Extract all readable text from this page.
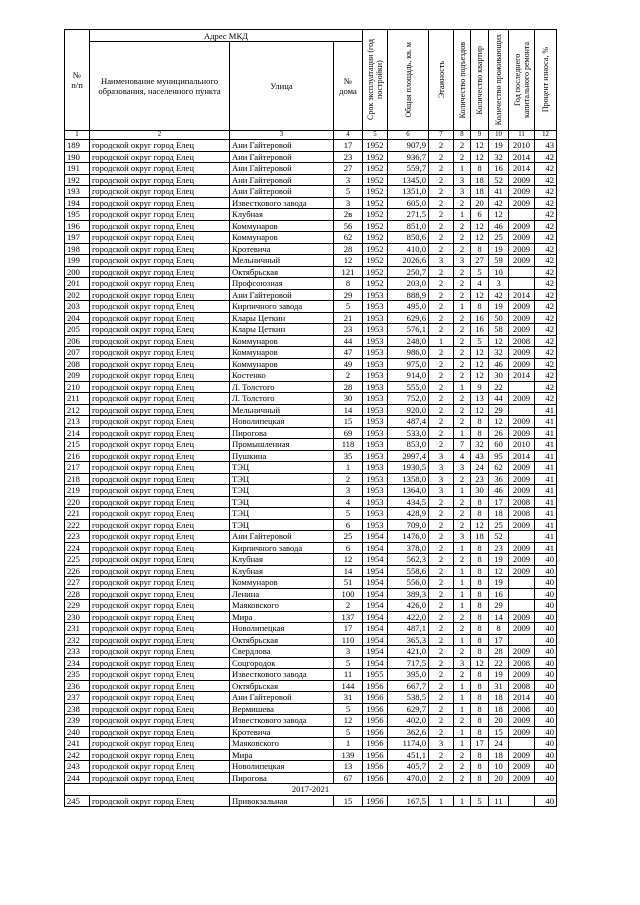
№
п/п	Адрес МКД			Срок эксплуатации (год постройки)	Общая площадь, кв. м	Этажность	Количество подъездов	Количество квартир	Количество проживающих	Год последнего капитального ремонта	Процент износа, %

	Наименование муниципального образования, населенного пункта	Улица	№
дома								
1	2	3	4	5	6	7	8	9	10	11	12
189	городской округ город Елец	Ани Гайтеровой	17	1952	907,9	2	2	12	19	2010	43
190	городской округ город Елец	Ани Гайтеровой	23	1952	936,7	2	2	12	32	2014	42
191	городской округ город Елец	Ани Гайтеровой	27	1952	559,7	2	1	8	16	2014	42
192	городской округ город Елец	Ани Гайтеровой	3	1952	1345,0	2	3	18	52	2009	42
193	городской округ город Елец	Ани Гайтеровой	5	1952	1351,0	2	3	18	41	2009	42
194	городской округ город Елец	Известкового завода	3	1952	605,0	2	2	20	42	2009	42
195	городской округ город Елец	Клубная	2в	1952	271,5	2	1	6	12		42
196	городской округ город Елец	Коммунаров	56	1952	851,0	2	2	12	46	2009	42
197	городской округ город Елец	Коммунаров	62	1952	850,6	2	2	12	25	2009	42
198	городской округ город Елец	Кротевича	28	1952	410,0	2	2	8	19	2009	42
199	городской округ город Елец	Мельничный	12	1952	2026,6	3	3	27	59	2009	42
200	городской округ город Елец	Октябрьская	121	1952	250,7	2	2	5	10		42
201	городской округ город Елец	Профсоюзная	8	1952	203,0	2	2	4	3		42
202	городской округ город Елец	Ани Гайтеровой	29	1953	888,9	2	2	12	42	2014	42
203	городской округ город Елец	Кирпичного завода	5	1953	495,0	2	1	8	19	2009	42
204	городской округ город Елец	Клары Цеткин	21	1953	629,6	2	2	16	50	2009	42
205	городской округ город Елец	Клары Цеткин	23	1953	576,1	2	2	16	58	2009	42
206	городской округ город Елец	Коммунаров	44	1953	248,0	1	2	5	12	2008	42
207	городской округ город Елец	Коммунаров	47	1953	986,0	2	2	12	32	2009	42
208	городской округ город Елец	Коммунаров	49	1953	975,0	2	2	12	46	2009	42
209	городской округ город Елец	Костенко	2	1953	914,0	2	2	12	30	2014	42
210	городской округ город Елец	Л. Толстого	28	1953	555,0	2	1	9	22		42
211	городской округ город Елец	Л. Толстого	30	1953	752,0	2	2	13	44	2009	42
212	городской округ город Елец	Мельничный	14	1953	920,0	2	2	12	29		41
213	городской округ город Елец	Новолипецкая	15	1953	487,4	2	2	8	12	2009	41
214	городской округ город Елец	Пирогова	69	1953	533,0	2	1	8	26	2009	41
215	городской округ город Елец	Промышленная	118	1953	853,0	2	7	32	60	2010	41
216	городской округ город Елец	Пушкина	35	1953	2997,4	3	4	43	95	2014	41
217	городской округ город Елец	ТЭЦ	1	1953	1930,5	3	3	24	62	2009	41
218	городской округ город Елец	ТЭЦ	2	1953	1358,0	3	2	23	36	2009	41
219	городской округ город Елец	ТЭЦ	3	1953	1364,0	3	1	30	46	2009	41
220	городской округ город Елец	ТЭЦ	4	1953	434,5	2	2	8	17	2008	41
221	городской округ город Елец	ТЭЦ	5	1953	428,9	2	2	8	18	2008	41
222	городской округ город Елец	ТЭЦ	6	1953	709,0	2	2	12	25	2009	41
223	городской округ город Елец	Ани Гайтеровой	25	1954	1476,0	2	3	18	52		41
224	городской округ город Елец	Кирпичного завода	6	1954	378,0	2	1	8	23	2009	41
225	городской округ город Елец	Клубная	12	1954	562,3	2	2	8	19	2009	40
226	городской округ город Елец	Клубная	14	1954	558,6	2	1	8	12	2009	40
227	городской округ город Елец	Коммунаров	51	1954	556,0	2	1	8	19		40
228	городской округ город Елец	Ленина	100	1954	389,3	2	1	8	16		40
229	городской округ город Елец	Маяковского	2	1954	426,0	2	1	8	29		40
230	городской округ город Елец	Мира	137	1954	422,0	2	2	8	14	2009	40
231	городской округ город Елец	Новолипецкая	17	1954	487,1	2	2	8	8	2009	40
232	городской округ город Елец	Октябрьская	110	1954	365,3	2	1	8	17		40
233	городской округ город Елец	Свердлова	3	1954	421,0	2	2	8	28	2009	40
234	городской округ город Елец	Соцгородок	5	1954	717,5	2	3	12	22	2008	40
235	городской округ город Елец	Известкового завода	11	1955	395,0	2	2	8	19	2009	40
236	городской округ город Елец	Октябрьская	144	1956	667,7	2	1	8	31	2008	40
237	городской округ город Елец	Ани Гайтеровой	31	1956	538,5	2	1	8	18	2014	40
238	городской округ город Елец	Вермишева	5	1956	629,7	2	1	8	18	2008	40
239	городской округ город Елец	Известкового завода	12	1956	402,0	2	2	8	20	2009	40
240	городской округ город Елец	Кротевича	5	1956	362,6	2	1	8	15	2009	40
241	городской округ город Елец	Маяковского	1	1956	1174,0	3	1	17	24		40
242	городской округ город Елец	Мира	139	1956	451,1	2	2	8	18	2009	40
243	городской округ город Елец	Новолипецкая	13	1956	405,7	2	2	8	10	2009	40
244	городской округ город Елец	Пирогова	67	1956	470,0	2	2	8	20	2009	40
2017-2021											
245	городской округ город Елец	Привокзальная	15	1956	167,5	1	1	5	11		40
